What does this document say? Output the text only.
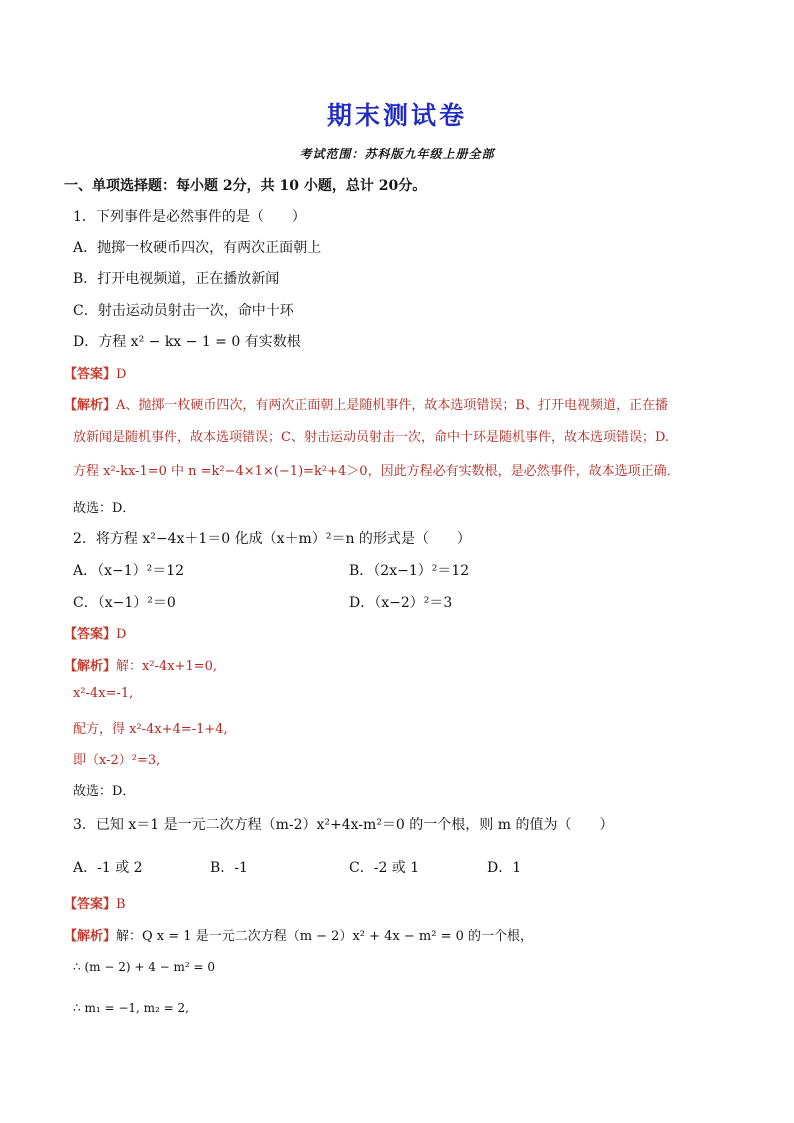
期末测试卷
考试范围：苏科版九年级上册全部
一、单项选择题：每小题 2分，共 10 小题，总计 20分。
1．下列事件是必然事件的是（　　）
A．抛掷一枚硬币四次，有两次正面朝上
B．打开电视频道，正在播放新闻
C．射击运动员射击一次，命中十环
D．方程 x² − kx − 1 = 0 有实数根
【答案】D
【解析】A、抛掷一枚硬币四次，有两次正面朝上是随机事件，故本选项错误；B、打开电视频道，正在播
放新闻是随机事件，故本选项错误；C、射击运动员射击一次，命中十环是随机事件，故本选项错误；D.
方程 x²-kx-1=0 中 n =k²−4×1×(−1)=k²+4＞0，因此方程必有实数根，是必然事件，故本选项正确．
故选：D．
2．将方程 x²−4x＋1＝0 化成（x＋m）²＝n 的形式是（　　）
A．（x−1）²＝12	B．（2x−1）²＝12
C．（x−1）²＝0	D．（x−2）²＝3
【答案】D
【解析】解：x²-4x+1=0,
x²-4x=-1,
配方，得 x²-4x+4=-1+4,
即（x-2）²=3,
故选：D．
3．已知 x＝1 是一元二次方程（m-2）x²+4x-m²＝0 的一个根，则 m 的值为（　　）
A．-1 或 2	B．-1	C．-2 或 1	D．1
【答案】B
【解析】解：Q x = 1 是一元二次方程（m − 2）x² + 4x − m² = 0 的一个根，
∴ (m − 2) + 4 − m² = 0
∴ m₁ = −1, m₂ = 2,
